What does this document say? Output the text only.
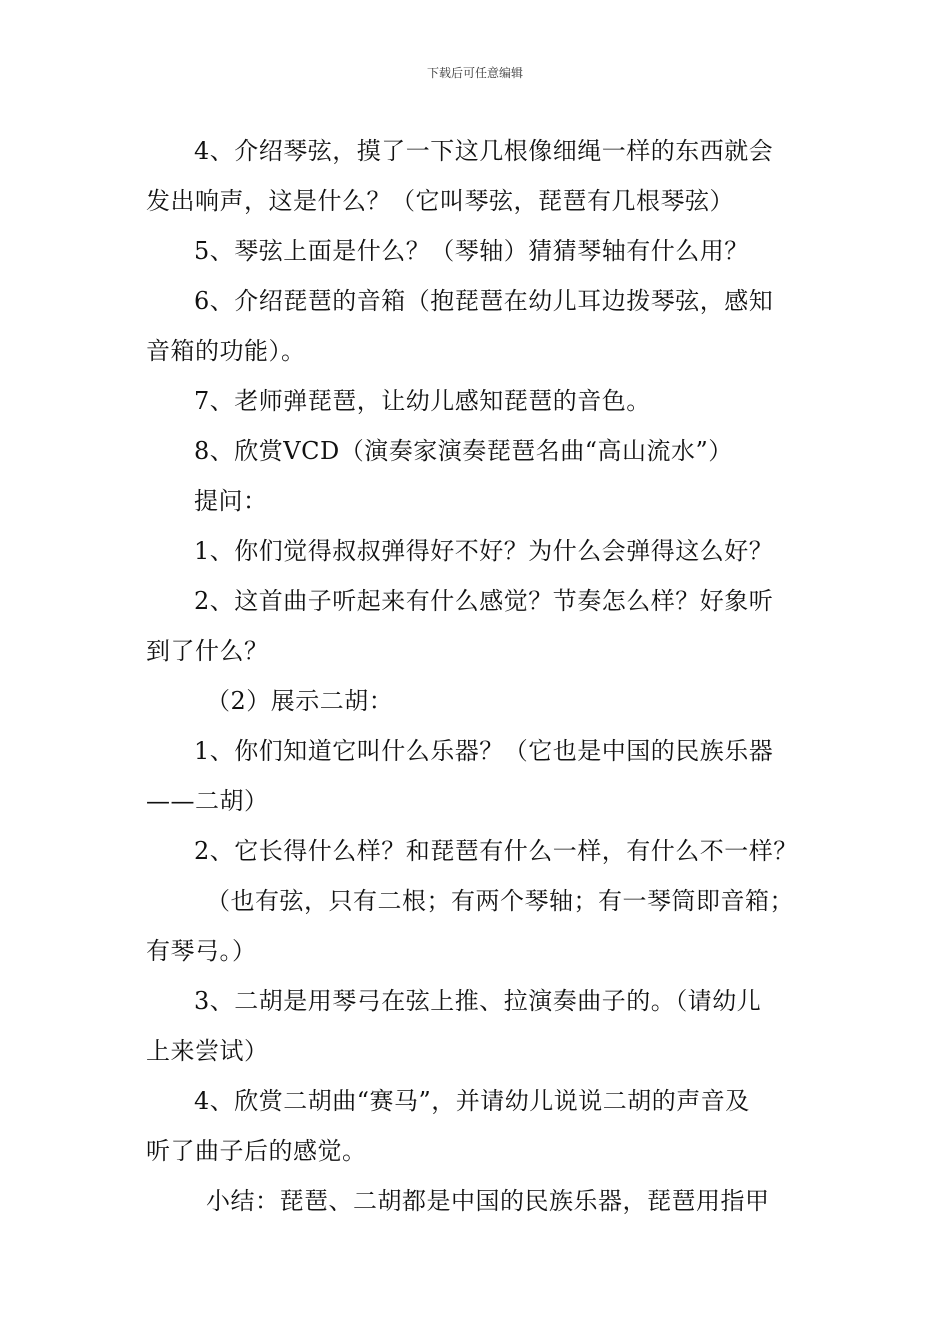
下载后可任意编辑

4、介绍琴弦，摸了一下这几根像细绳一样的东西就会

发出响声，这是什么？（它叫琴弦，琵琶有几根琴弦）

5、琴弦上面是什么？（琴轴）猜猜琴轴有什么用？

6、介绍琵琶的音箱（抱琵琶在幼儿耳边拨琴弦，感知

音箱的功能）。

7、老师弹琵琶，让幼儿感知琵琶的音色。

8、欣赏VCD（演奏家演奏琵琶名曲“高山流水”）

提问：

1、你们觉得叔叔弹得好不好？为什么会弹得这么好？

2、这首曲子听起来有什么感觉？节奏怎么样？好象听

到了什么？

（2）展示二胡：

1、你们知道它叫什么乐器？（它也是中国的民族乐器

——二胡）

2、它长得什么样？和琵琶有什么一样，有什么不一样？

（也有弦，只有二根；有两个琴轴；有一琴筒即音箱；

有琴弓。）

3、二胡是用琴弓在弦上推、拉演奏曲子的。（请幼儿

上来尝试）

4、欣赏二胡曲“赛马”，并请幼儿说说二胡的声音及

听了曲子后的感觉。

小结：琵琶、二胡都是中国的民族乐器，琵琶用指甲
